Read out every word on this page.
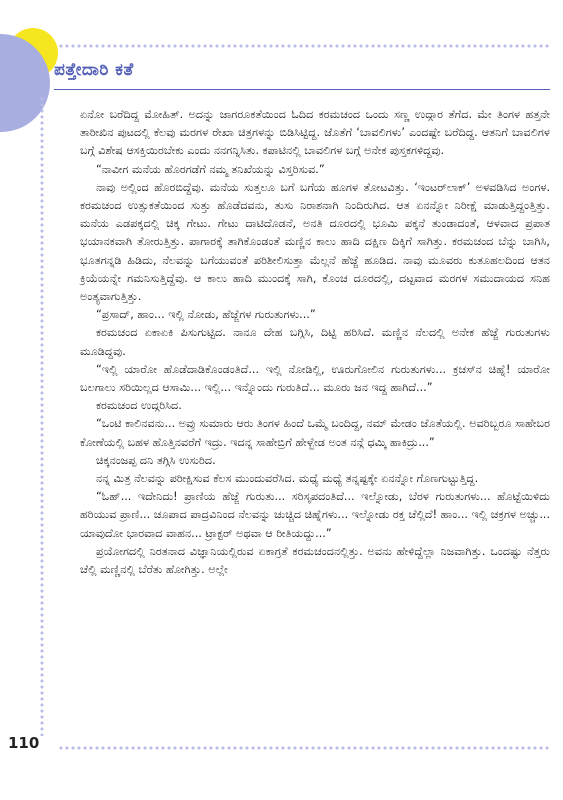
ಪತ್ತೇದಾರಿ ಕತೆ

ಏನೋ ಬರೆದಿದ್ದ ಮೋಹಿತ್. ಅದನ್ನು ಜಾಗರೂಕತೆಯಿಂದ ಓದಿದ ಕರಮಚಂದ ಒಂದು ಸಣ್ಣ ಉದ್ಗಾರ ತೆಗೆದ. ಮೇ ತಿಂಗಳ ಹತ್ತನೇ ತಾರೀಖಿನ ಪುಟದಲ್ಲಿ ಕೆಲವು ಮರಗಳ ರೇಖಾ ಚಿತ್ರಗಳನ್ನು ಬಿಡಿಸಿಟ್ಟಿದ್ದ. ಜೊತೆಗೆ ‘ಬಾವಲಿಗಳು’ ಎಂದಷ್ಟೇ ಬರೆದಿದ್ದ. ಆತನಿಗೆ ಬಾವಲಿಗಳ ಬಗ್ಗೆ ವಿಶೇಷ ಆಸಕ್ತಿಯಿರಬೇಕು ಎಂದು ನನಗನ್ನಿಸಿತು. ಕಪಾಟಿನಲ್ಲಿ ಬಾವಲಿಗಳ ಬಗ್ಗೆ ಅನೇಕ ಪುಸ್ತಕಗಳಿದ್ದವು.

“ನಾವೀಗ ಮನೆಯ ಹೊರಗಡೆಗೆ ನಮ್ಮ ತನಿಖೆಯನ್ನು ವಿಸ್ತರಿಸುವ.”

ನಾವು ಅಲ್ಲಿಂದ ಹೊರಬಿದ್ದೆವು. ಮನೆಯ ಸುತ್ತಲೂ ಬಗೆ ಬಗೆಯ ಹೂಗಳ ತೋಟವಿತ್ತು. ‘ಇಂಟರ್‌ಲಾಕ್’ ಅಳವಡಿಸಿದ ಅಂಗಳ. ಕರಮಚಂದ ಉತ್ಸುಕತೆಯಿಂದ ಸುತ್ತು ಹೊಡೆದವನು, ತುಸು ನಿರಾಶನಾಗಿ ನಿಂದಿರುಗಿದ. ಆತ ಏನನ್ನೋ ನಿರೀಕ್ಷೆ ಮಾಡುತ್ತಿದ್ದಂತ್ತಿತ್ತು. ಮನೆಯ ಎಡಪಕ್ಕದಲ್ಲಿ ಚಿಕ್ಕ ಗೇಟು. ಗೇಟು ದಾಟಿದೊಡನೆ, ಅನತಿ ದೂರದಲ್ಲಿ ಭೂಮಿ ಪಕ್ಕನೆ ತುಂಡಾದಂತೆ, ಆಳವಾದ ಪ್ರಪಾತ ಭಯಾನಕವಾಗಿ ತೋರುತ್ತಿತ್ತು. ಪಾಗಾರಕ್ಕೆ ತಾಗಿಕೊಂಡಂತೆ ಮಣ್ಣಿನ ಕಾಲು ಹಾದಿ ದಕ್ಷಿಣ ದಿಕ್ಕಿಗೆ ಸಾಗಿತ್ತು. ಕರಮಚಂದ ಬೆನ್ನು ಬಾಗಿಸಿ, ಭೂತಗನ್ನಡಿ ಹಿಡಿದು, ನೆಲವನ್ನು ಬಗೆಯುವಂತೆ ಪರಿಶೀಲಿಸುತ್ತಾ ಮೆಲ್ಲನೆ ಹೆಜ್ಜೆ ಹೂಡಿದ. ನಾವು ಮೂವರು ಕುತೂಹಲದಿಂದ ಆತನ ಕ್ರಿಯೆಯನ್ನೇ ಗಮನಿಸುತ್ತಿದ್ದೆವು. ಆ ಕಾಲು ಹಾದಿ ಮುಂದಕ್ಕೆ ಸಾಗಿ, ಕೊಂಚ ದೂರದಲ್ಲಿ, ದಟ್ಟವಾದ ಮರಗಳ ಸಮುದಾಯದ ಸನಿಹ ಅಂತ್ಯವಾಗುತ್ತಿತ್ತು.

“ಪ್ರಸಾದ್, ಹಾಂ... ಇಲ್ಲಿ ನೋಡು, ಹೆಜ್ಜೆಗಳ ಗುರುತುಗಳು...”

ಕರಮಚಂದ ಏಕಾಏಕಿ ಪಿಸುಗುಟ್ಟಿದ. ನಾನೂ ದೇಹ ಬಗ್ಗಿಸಿ, ದಿಟ್ಟಿ ಹರಿಸಿದೆ. ಮಣ್ಣಿನ ನೆಲದಲ್ಲಿ ಅನೇಕ ಹೆಜ್ಜೆ ಗುರುತುಗಳು ಮೂಡಿದ್ದವು.

“ಇಲ್ಲಿ ಯಾರೋ ಹೊಡೆದಾಡಿಕೊಂಡಂತಿದೆ... ಇಲ್ಲಿ ನೋಡಿಲ್ಲಿ, ಊರುಗೋಲಿನ ಗುರುತುಗಳು... ಕ್ರಚಸ್‌ನ ಚಿಹ್ನೆ! ಯಾರೋ ಬಲಗಾಲು ಸರಿಯಿಲ್ಲದ ಆಸಾಮಿ... ಇಲ್ಲಿ... ಇನ್ನೊಂದು ಗುರುತಿದೆ... ಮೂರು ಜನ ಇದ್ದ ಹಾಗಿದೆ...”

ಕರಮಚಂದ ಉದ್ಗರಿಸಿದ.

“ಒಂಟಿ ಕಾಲಿನವನು... ಅವ್ರು ಸುಮಾರು ಆರು ತಿಂಗಳ ಹಿಂದೆ ಒಮ್ಮೆ ಬಂದಿದ್ದ, ನಮ್ ಮೇಡಂ ಜೊತೆಯಲ್ಲಿ. ಅವರಿಬ್ಬರೂ ಸಾಹೇಬರ ಕೋಣೆಯಲ್ಲಿ ಬಹಳ ಹೊತ್ತಿನವರೆಗೆ ಇದ್ರು. ಇದನ್ನ ಸಾಹೇಬ್ರಿಗೆ ಹೇಳ್ಬೇಡ ಅಂತ ನನ್ಗೆ ಧಮ್ಕಿ ಹಾಕಿದ್ರು...”

ಚಿಕ್ಕನಂಜಪ್ಪ ದನಿ ತಗ್ಗಿಸಿ ಉಸುರಿದ.

ನನ್ನ ಮಿತ್ರ ನೆಲವನ್ನು ಪರೀಕ್ಷಿಸುವ ಕೆಲಸ ಮುಂದುವರೆಸಿದ. ಮಧ್ಯೆ ಮಧ್ಯೆ ತನ್ನಷ್ಟಕ್ಕೇ ಏನನ್ನೋ ಗೊಣಗುಟ್ಟುತ್ತಿದ್ದ.

“ಓಹ್... ಇದೇನಿದು! ಪ್ರಾಣಿಯ ಹೆಜ್ಜೆ ಗುರುತು... ಸರಿಸೃಪದಂತಿದೆ... ಇಲ್ನೋಡು, ಬೆರಳ ಗುರುತುಗಳು... ಹೊಟ್ಟೆಯಿಳಿದು ಹರಿಯುವ ಪ್ರಾಣಿ... ಚೂಪಾದ ಪಾದ್ರವಿನಿಂದ ನೆಲವನ್ನು ಚುಚ್ಚಿದ ಚಿಹ್ನೆಗಳು... ಇಲ್ನೋಡು ರಕ್ತ ಚೆಲ್ಲಿದೆ! ಹಾಂ... ಇಲ್ಲಿ ಚಕ್ರಗಳ ಅಚ್ಚು... ಯಾವುದೋ ಭಾರವಾದ ವಾಹನ... ಟ್ರಾಕ್ಟರ್ ಅಥವಾ ಆ ರೀತಿಯದ್ದು...”

ಪ್ರಯೋಗದಲ್ಲಿ ನಿರತನಾದ ವಿಜ್ಞಾನಿಯಲ್ಲಿರುವ ಏಕಾಗ್ರತೆ ಕರಮಚಂದನಲ್ಲಿತ್ತು. ಅವನು ಹೇಳಿದ್ದೆಲ್ಲಾ ನಿಜವಾಗಿತ್ತು. ಒಂದಷ್ಟು ನೆತ್ತರು ಚೆಲ್ಲಿ ಮಣ್ಣಿನಲ್ಲಿ ಬೆರೆತು ಹೋಗಿತ್ತು. ಅಲ್ಲೇ

110
